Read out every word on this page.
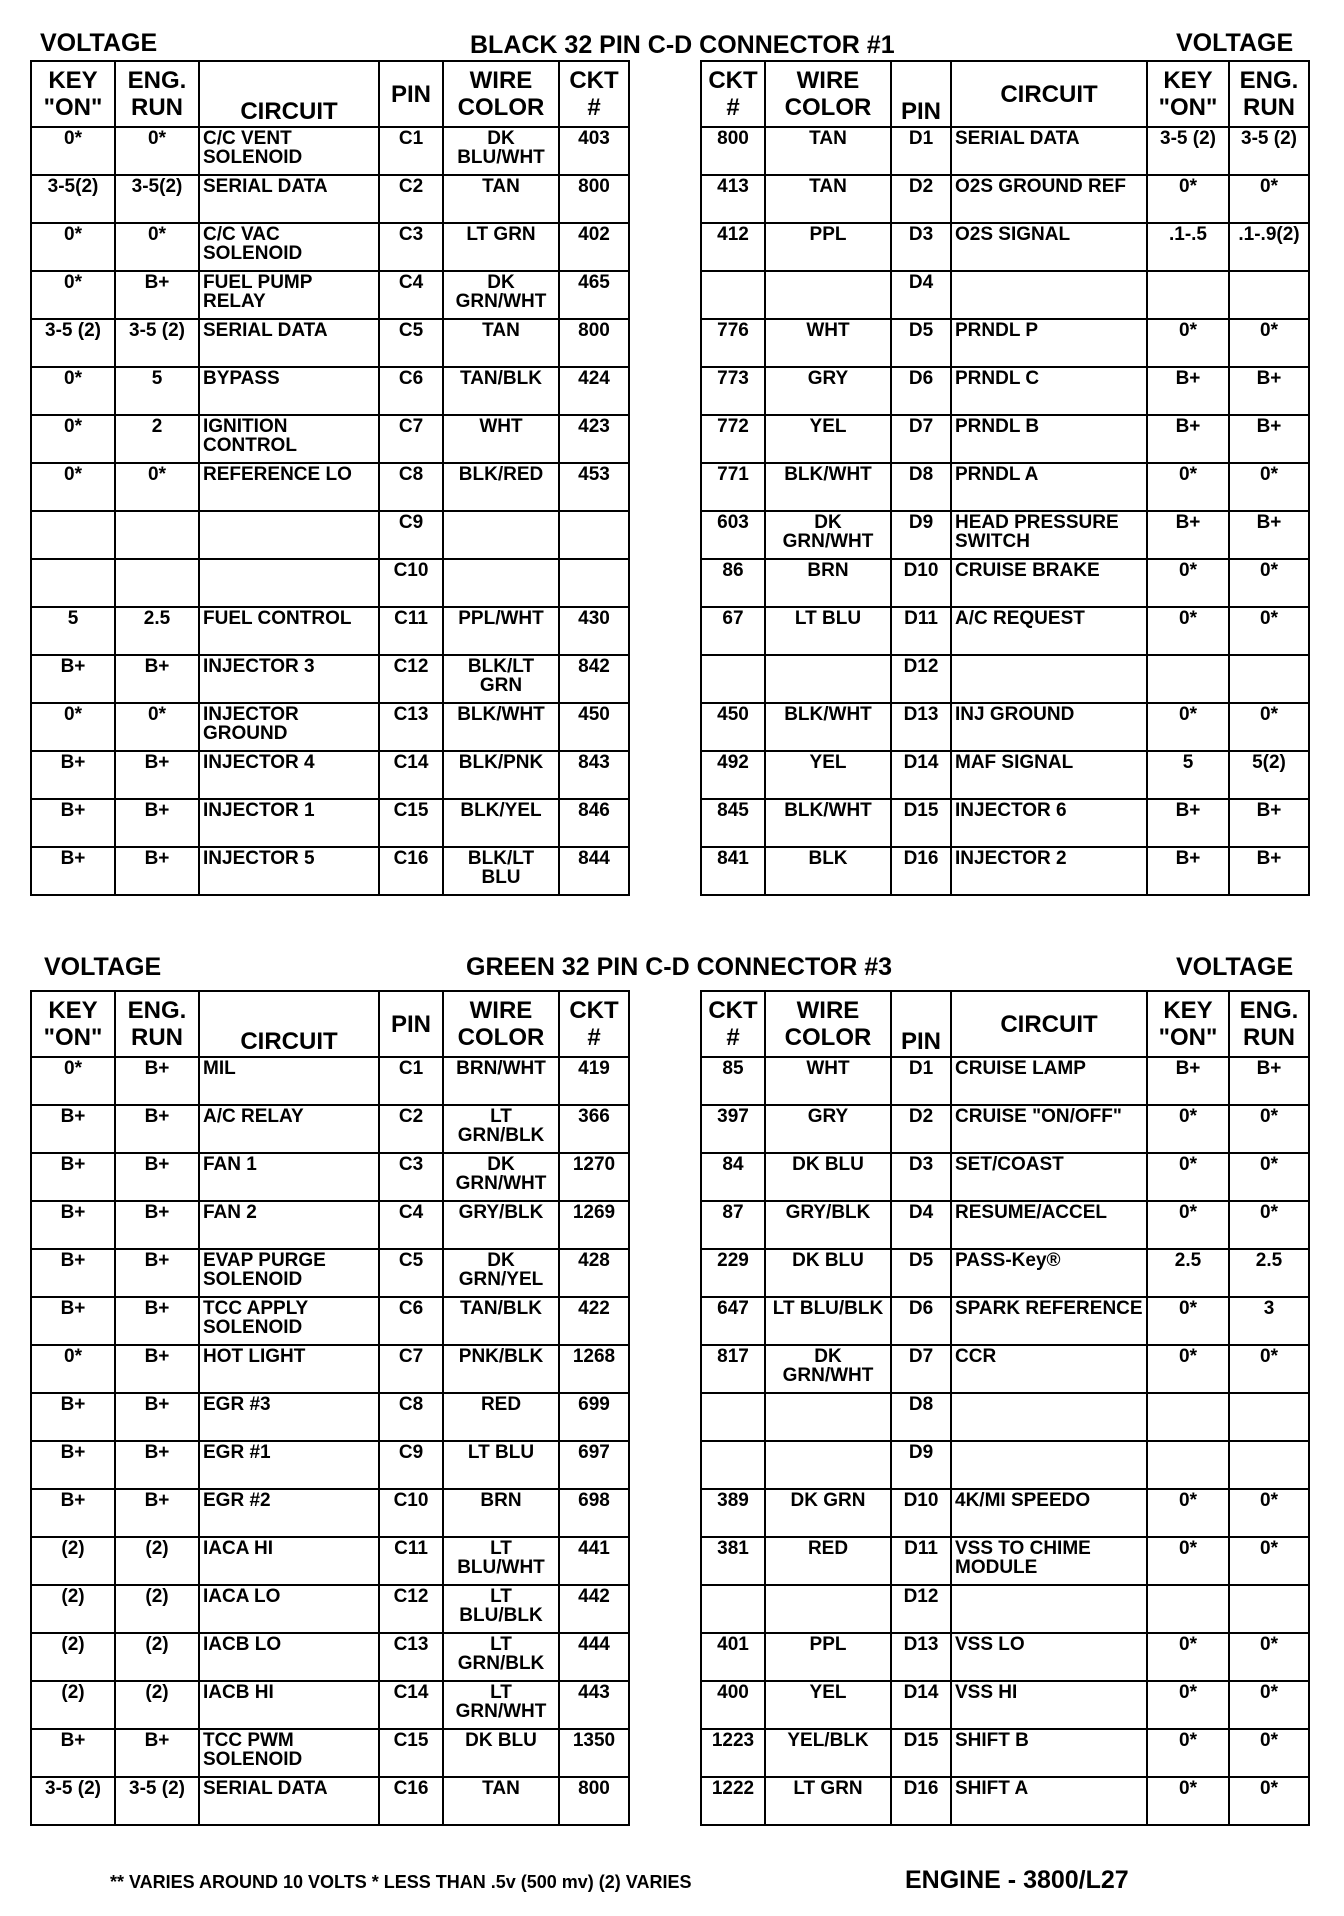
VOLTAGE	BLACK 32 PIN C-D CONNECTOR #1	VOLTAGE
KEY "ON"	ENG. RUN	CIRCUIT	PIN	WIRE COLOR	CKT #
0*	0*	C/C VENT SOLENOID	C1	DK BLU/WHT	403
3-5(2)	3-5(2)	SERIAL DATA	C2	TAN	800
0*	0*	C/C VAC SOLENOID	C3	LT GRN	402
0*	B+	FUEL PUMP RELAY	C4	DK GRN/WHT	465
3-5 (2)	3-5 (2)	SERIAL DATA	C5	TAN	800
0*	5	BYPASS	C6	TAN/BLK	424
0*	2	IGNITION CONTROL	C7	WHT	423
0*	0*	REFERENCE LO	C8	BLK/RED	453
			C9		
			C10		
5	2.5	FUEL CONTROL	C11	PPL/WHT	430
B+	B+	INJECTOR 3	C12	BLK/LT GRN	842
0*	0*	INJECTOR GROUND	C13	BLK/WHT	450
B+	B+	INJECTOR 4	C14	BLK/PNK	843
B+	B+	INJECTOR 1	C15	BLK/YEL	846
B+	B+	INJECTOR 5	C16	BLK/LT BLU	844
CKT #	WIRE COLOR	PIN	CIRCUIT	KEY "ON"	ENG. RUN
800	TAN	D1	SERIAL DATA	3-5 (2)	3-5 (2)
413	TAN	D2	O2S GROUND REF	0*	0*
412	PPL	D3	O2S SIGNAL	.1-.5	.1-.9(2)
		D4			
776	WHT	D5	PRNDL P	0*	0*
773	GRY	D6	PRNDL C	B+	B+
772	YEL	D7	PRNDL B	B+	B+
771	BLK/WHT	D8	PRNDL A	0*	0*
603	DK GRN/WHT	D9	HEAD PRESSURE SWITCH	B+	B+
86	BRN	D10	CRUISE BRAKE	0*	0*
67	LT BLU	D11	A/C REQUEST	0*	0*
		D12			
450	BLK/WHT	D13	INJ GROUND	0*	0*
492	YEL	D14	MAF SIGNAL	5	5(2)
845	BLK/WHT	D15	INJECTOR 6	B+	B+
841	BLK	D16	INJECTOR 2	B+	B+
VOLTAGE	GREEN 32 PIN C-D CONNECTOR #3	VOLTAGE
KEY "ON"	ENG. RUN	CIRCUIT	PIN	WIRE COLOR	CKT #
0*	B+	MIL	C1	BRN/WHT	419
B+	B+	A/C RELAY	C2	LT GRN/BLK	366
B+	B+	FAN 1	C3	DK GRN/WHT	1270
B+	B+	FAN 2	C4	GRY/BLK	1269
B+	B+	EVAP PURGE SOLENOID	C5	DK GRN/YEL	428
B+	B+	TCC APPLY SOLENOID	C6	TAN/BLK	422
0*	B+	HOT LIGHT	C7	PNK/BLK	1268
B+	B+	EGR #3	C8	RED	699
B+	B+	EGR #1	C9	LT BLU	697
B+	B+	EGR #2	C10	BRN	698
(2)	(2)	IACA HI	C11	LT BLU/WHT	441
(2)	(2)	IACA LO	C12	LT BLU/BLK	442
(2)	(2)	IACB LO	C13	LT GRN/BLK	444
(2)	(2)	IACB HI	C14	LT GRN/WHT	443
B+	B+	TCC PWM SOLENOID	C15	DK BLU	1350
3-5 (2)	3-5 (2)	SERIAL DATA	C16	TAN	800
CKT #	WIRE COLOR	PIN	CIRCUIT	KEY "ON"	ENG. RUN
85	WHT	D1	CRUISE LAMP	B+	B+
397	GRY	D2	CRUISE "ON/OFF"	0*	0*
84	DK BLU	D3	SET/COAST	0*	0*
87	GRY/BLK	D4	RESUME/ACCEL	0*	0*
229	DK BLU	D5	PASS-Key®	2.5	2.5
647	LT BLU/BLK	D6	SPARK REFERENCE	0*	3
817	DK GRN/WHT	D7	CCR	0*	0*
		D8			
		D9			
389	DK GRN	D10	4K/MI SPEEDO	0*	0*
381	RED	D11	VSS TO CHIME MODULE	0*	0*
		D12			
401	PPL	D13	VSS LO	0*	0*
400	YEL	D14	VSS HI	0*	0*
1223	YEL/BLK	D15	SHIFT B	0*	0*
1222	LT GRN	D16	SHIFT A	0*	0*
** VARIES AROUND 10 VOLTS * LESS THAN .5v (500 mv) (2) VARIES	ENGINE - 3800/L27
